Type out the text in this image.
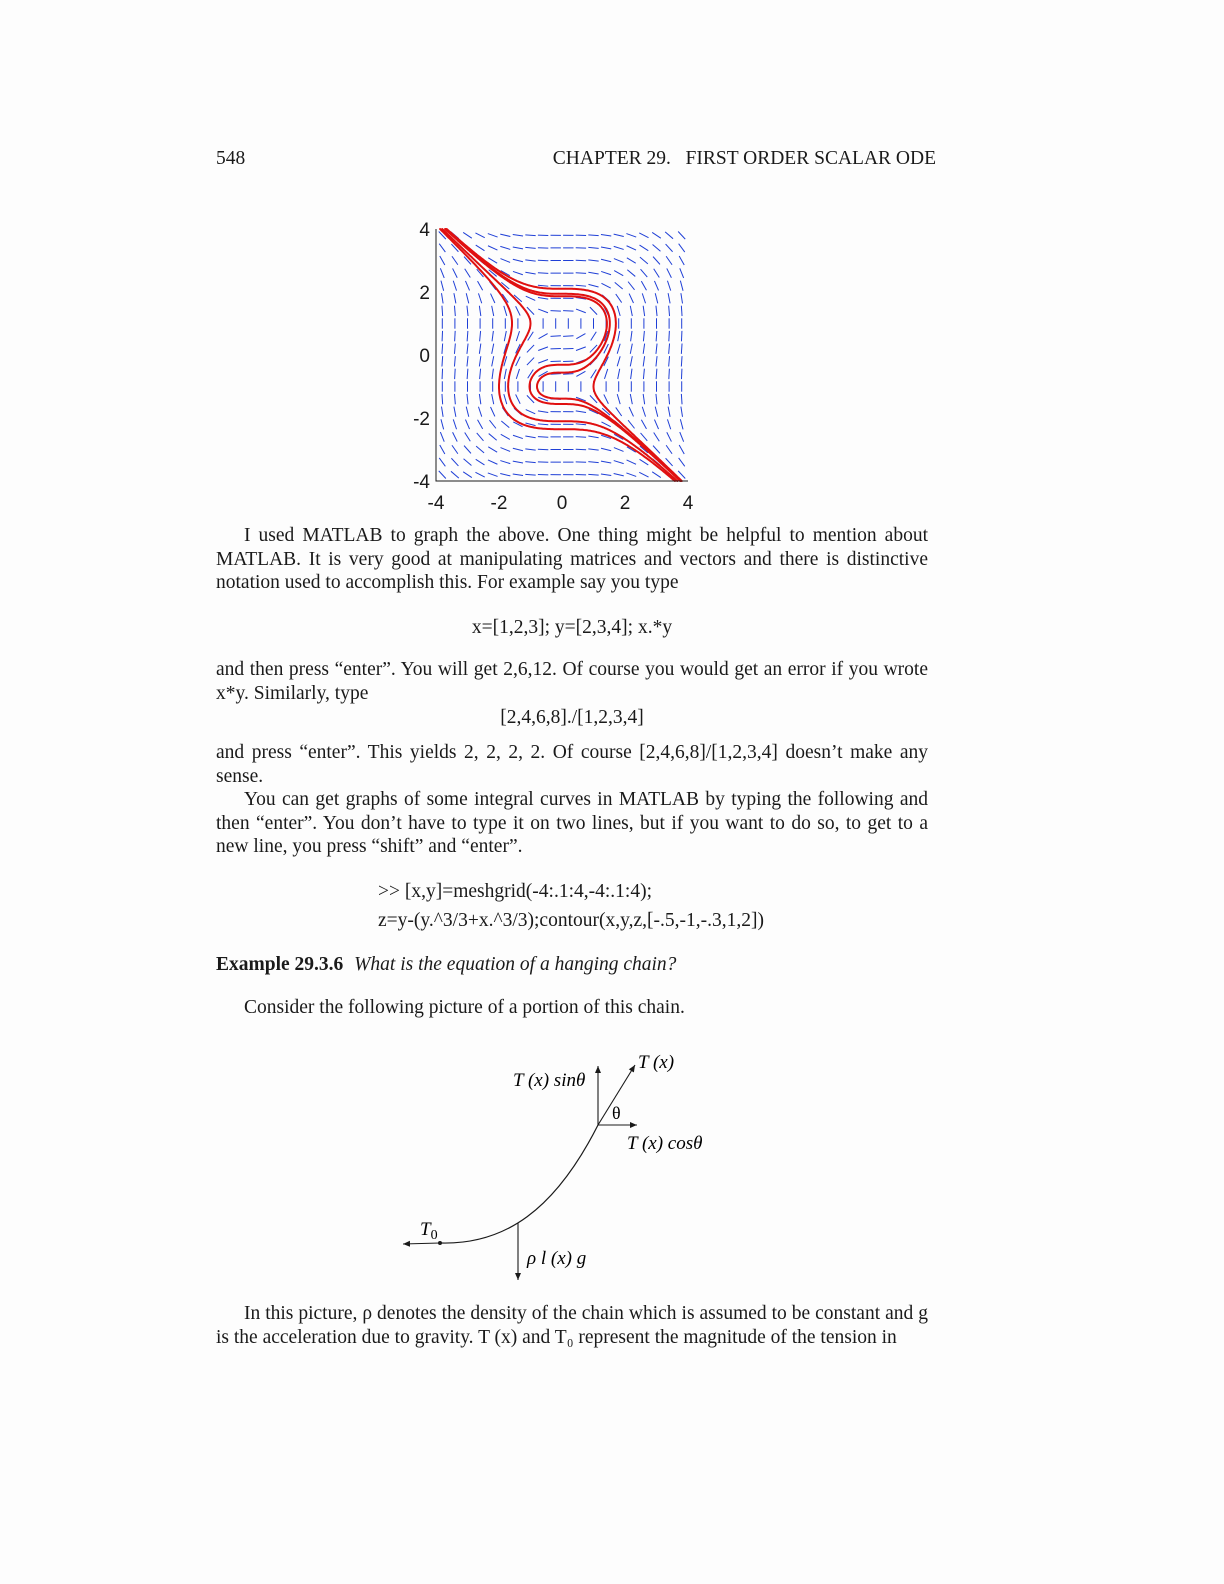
548	CHAPTER 29.   FIRST ORDER SCALAR ODE
-4 -2	0	2	4
4
2
0
-2
-4
I used MATLAB to graph the above. One thing might be helpful to mention about MATLAB. It is very good at manipulating matrices and vectors and there is distinctive notation used to accomplish this. For example say you type
x=[1,2,3]; y=[2,3,4]; x.*y
and then press “enter”. You will get 2,6,12. Of course you would get an error if you wrote x*y. Similarly, type
[2,4,6,8]./[1,2,3,4]
and press “enter”. This yields 2, 2, 2, 2. Of course [2,4,6,8]/[1,2,3,4] doesn’t make any sense.
You can get graphs of some integral curves in MATLAB by typing the following and then “enter”. You don’t have to type it on two lines, but if you want to do so, to get to a new line, you press “shift” and “enter”.
>> [x,y]=meshgrid(-4:.1:4,-4:.1:4);
z=y-(y.^3/3+x.^3/3);contour(x,y,z,[-.5,-1,-.3,1,2])
Example 29.3.6 What is the equation of a hanging chain?
Consider the following picture of a portion of this chain.
T (x)
T (x) sinθ
θ
T (x) cosθ
$T_0$
ρ l (x) g
In this picture, ρ denotes the density of the chain which is assumed to be constant and g is the acceleration due to gravity. T (x) and T₀ represent the magnitude of the tension in
